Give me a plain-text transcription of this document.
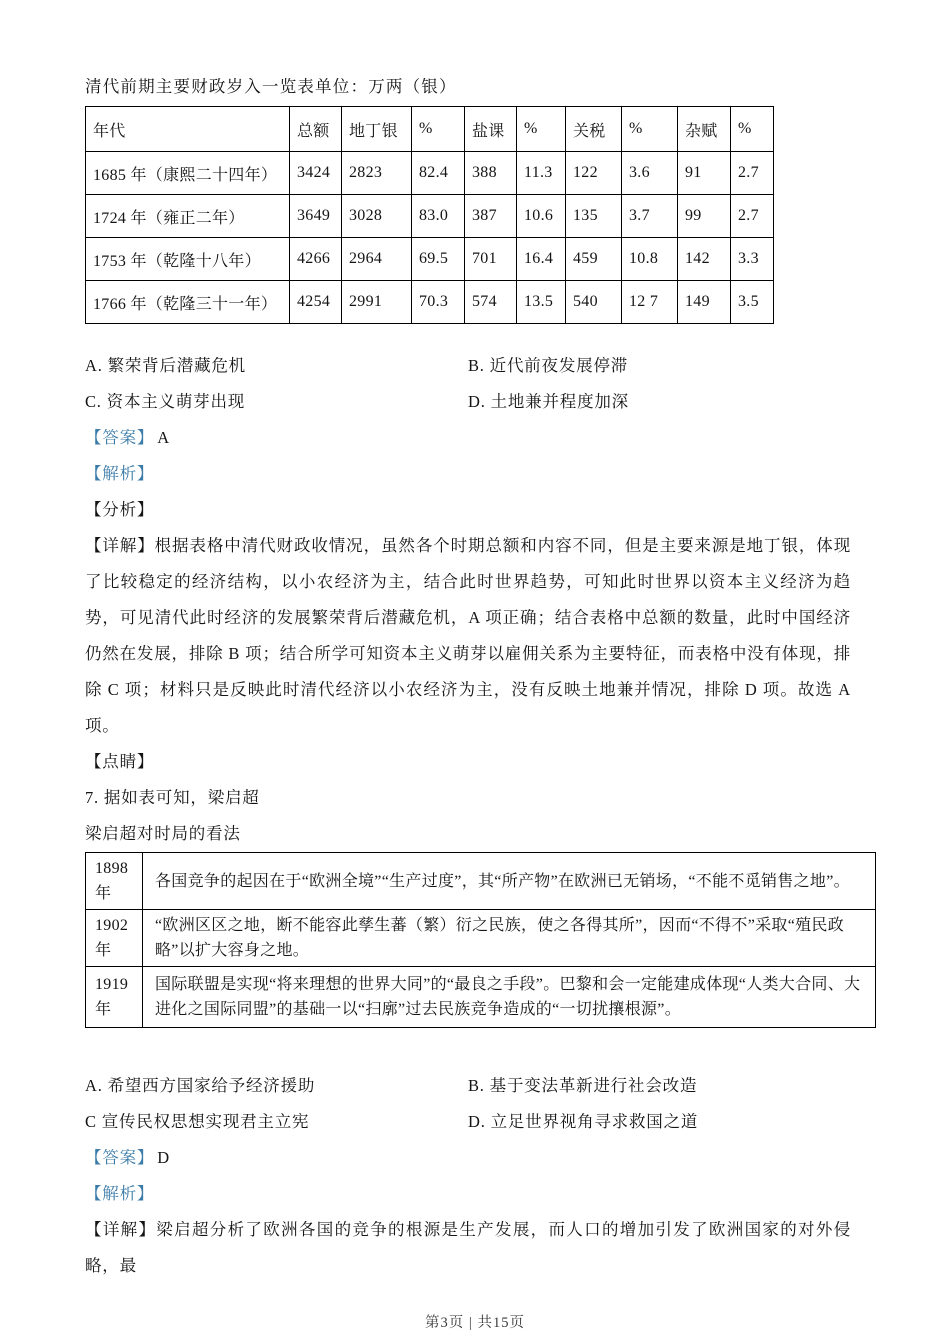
清代前期主要财政岁入一览表单位：万两（银）
年代	总额	地丁银	%	盐课	%	关税	%	杂赋	%
1685 年（康熙二十四年）	3424	2823	82.4	388	11.3	122	3.6	91	2.7
1724 年（雍正二年）	3649	3028	83.0	387	10.6	135	3.7	99	2.7
1753 年（乾隆十八年）	4266	2964	69.5	701	16.4	459	10.8	142	3.3
1766 年（乾隆三十一年）	4254	2991	70.3	574	13.5	540	12 7	149	3.5
A. 繁荣背后潜藏危机	B. 近代前夜发展停滞
C. 资本主义萌芽出现	D. 土地兼并程度加深
【答案】 A
【解析】
【分析】
【详解】根据表格中清代财政收情况，虽然各个时期总额和内容不同，但是主要来源是地丁银，体现了比较稳定的经济结构，以小农经济为主，结合此时世界趋势，可知此时世界以资本主义经济为趋势，可见清代此时经济的发展繁荣背后潜藏危机，A 项正确；结合表格中总额的数量，此时中国经济仍然在发展，排除 B 项；结合所学可知资本主义萌芽以雇佣关系为主要特征，而表格中没有体现，排除 C 项；材料只是反映此时清代经济以小农经济为主，没有反映土地兼并情况，排除 D 项。故选 A 项。
【点睛】
7. 据如表可知，梁启超
梁启超对时局的看法
1898
年	各国竞争的起因在于“欧洲全境”“生产过度”，其“所产物”在欧洲已无销场，“不能不觅销售之地”。

1902
年	“欧洲区区之地，断不能容此孳生蕃（繁）衍之民族，使之各得其所”，因而“不得不”采取“殖民政略”以扩大容身之地。

1919
年	国际联盟是实现“将来理想的世界大同”的“最良之手段”。巴黎和会一定能建成体现“人类大合同、大进化之国际同盟”的基础一以“扫廓”过去民族竞争造成的“一切扰攘根源”。
A. 希望西方国家给予经济援助	B. 基于变法革新进行社会改造
C 宣传民权思想实现君主立宪	D. 立足世界视角寻求救国之道
【答案】 D
【解析】
【详解】梁启超分析了欧洲各国的竞争的根源是生产发展，而人口的增加引发了欧洲国家的对外侵略，最
第3页 | 共15页
